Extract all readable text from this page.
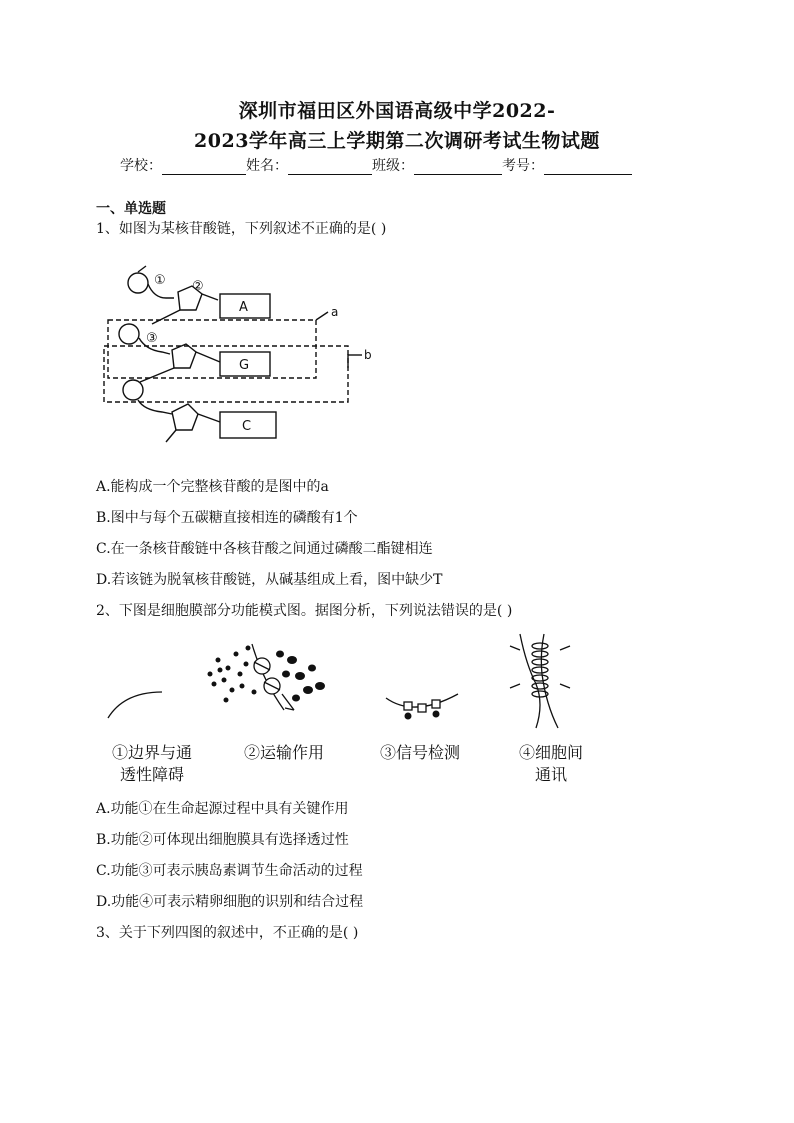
深圳市福田区外国语高级中学2022-
2023学年高三上学期第二次调研考试生物试题
学校：	姓名：	班级：	考号：
一、单选题
1、如图为某核苷酸链，下列叙述不正确的是( )
① ②
③
A
G
C
a
b
A.能构成一个完整核苷酸的是图中的a
B.图中与每个五碳糖直接相连的磷酸有1个
C.在一条核苷酸链中各核苷酸之间通过磷酸二酯键相连
D.若该链为脱氧核苷酸链，从碱基组成上看，图中缺少T
2、下图是细胞膜部分功能模式图。据图分析，下列说法错误的是( )
①边界与通
透性障碍
②运输作用	③信号检测	④细胞间
通讯
A.功能①在生命起源过程中具有关键作用
B.功能②可体现出细胞膜具有选择透过性
C.功能③可表示胰岛素调节生命活动的过程
D.功能④可表示精卵细胞的识别和结合过程
3、关于下列四图的叙述中，不正确的是( )
